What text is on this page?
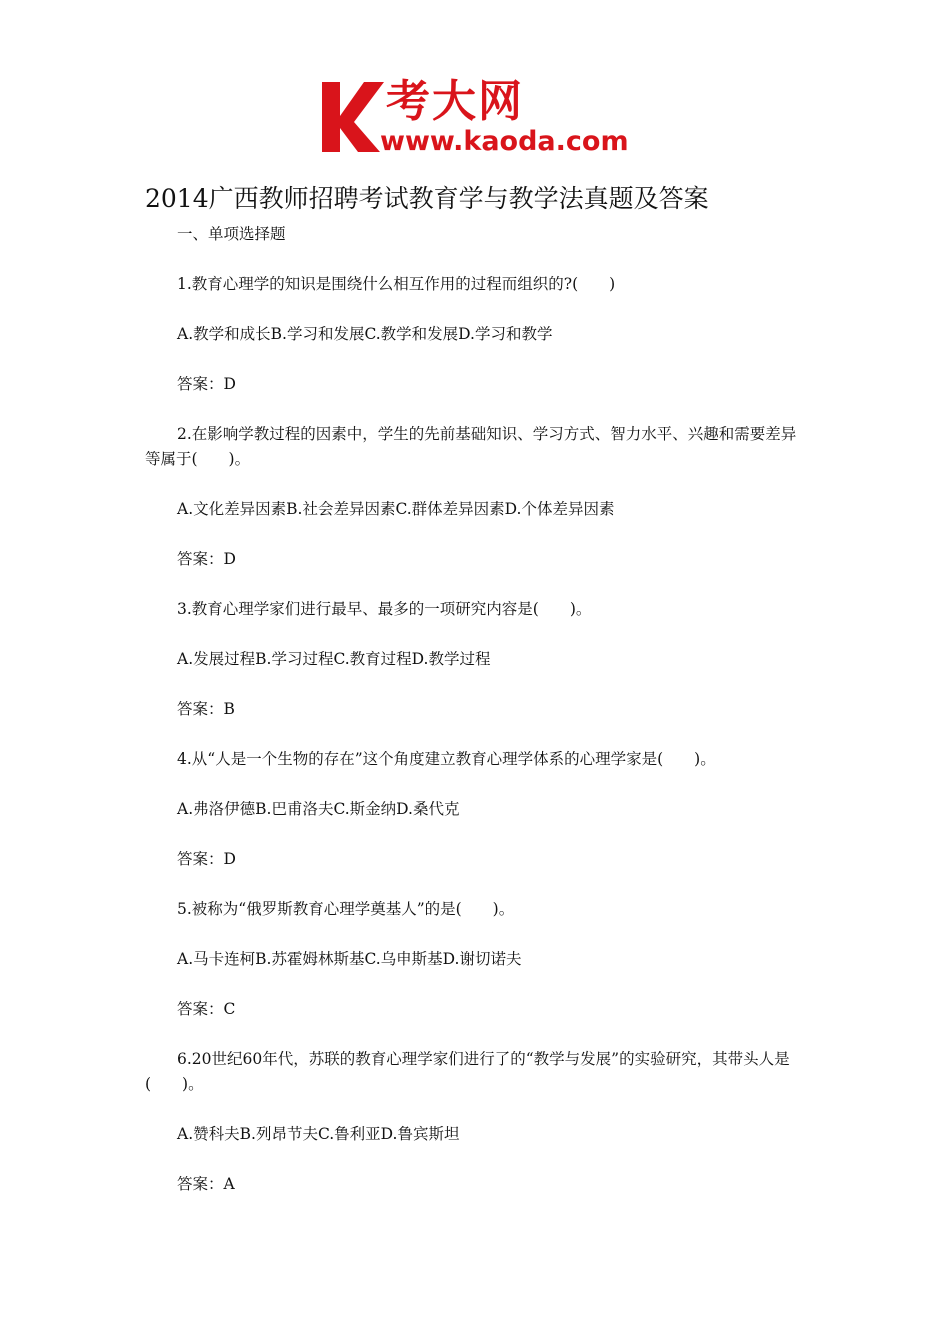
考大网
www.kaoda.com
2014广西教师招聘考试教育学与教学法真题及答案

一、单项选择题

1.教育心理学的知识是围绕什么相互作用的过程而组织的?(　　)

A.教学和成长B.学习和发展C.教学和发展D.学习和教学

答案：D

2.在影响学教过程的因素中，学生的先前基础知识、学习方式、智力水平、兴趣和需要差异等属于(　　)。

A.文化差异因素B.社会差异因素C.群体差异因素D.个体差异因素

答案：D

3.教育心理学家们进行最早、最多的一项研究内容是(　　)。

A.发展过程B.学习过程C.教育过程D.教学过程

答案：B

4.从“人是一个生物的存在”这个角度建立教育心理学体系的心理学家是(　　)。

A.弗洛伊德B.巴甫洛夫C.斯金纳D.桑代克

答案：D

5.被称为“俄罗斯教育心理学奠基人”的是(　　)。

A.马卡连柯B.苏霍姆林斯基C.乌申斯基D.谢切诺夫

答案：C

6.20世纪60年代，苏联的教育心理学家们进行了的“教学与发展”的实验研究，其带头人是(　　)。

A.赞科夫B.列昂节夫C.鲁利亚D.鲁宾斯坦

答案：A
